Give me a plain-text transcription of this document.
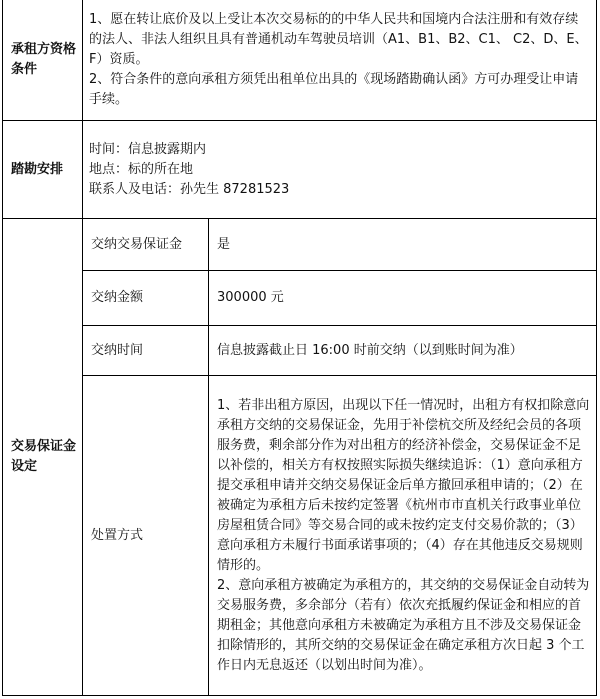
承租方资格条件	1、愿在转让底价及以上受让本次交易标的的中华人民共和国境内合法注册和有效存续的法人、非法人组织且具有普通机动车驾驶员培训（A1、B1、B2、C1、 C2、D、E、F）资质。

2、符合条件的意向承租方须凭出租单位出具的《现场踏勘确认函》方可办理受让申请手续。	

踏勘安排	时间：信息披露期内

地点：标的所在地

联系人及电话：孙先生 87281523	

交易保证金设定	交纳交易保证金	是
	交纳金额	300000 元
	交纳时间	信息披露截止日 16:00 时前交纳（以到账时间为准）
	处置方式	1、若非出租方原因，出现以下任一情况时，出租方有权扣除意向承租方交纳的交易保证金，先用于补偿杭交所及经纪会员的各项服务费，剩余部分作为对出租方的经济补偿金，交易保证金不足以补偿的，相关方有权按照实际损失继续追诉：（1）意向承租方提交承租申请并交纳交易保证金后单方撤回承租申请的；（2）在被确定为承租方后未按约定签署《杭州市市直机关行政事业单位房屋租赁合同》等交易合同的或未按约定支付交易价款的；（3）意向承租方未履行书面承诺事项的；（4）存在其他违反交易规则情形的。

2、意向承租方被确定为承租方的，其交纳的交易保证金自动转为交易服务费，多余部分（若有）依次充抵履约保证金和相应的首期租金；其他意向承租方未被确定为承租方且不涉及交易保证金扣除情形的，其所交纳的交易保证金在确定承租方次日起 3 个工作日内无息返还（以划出时间为准）。
